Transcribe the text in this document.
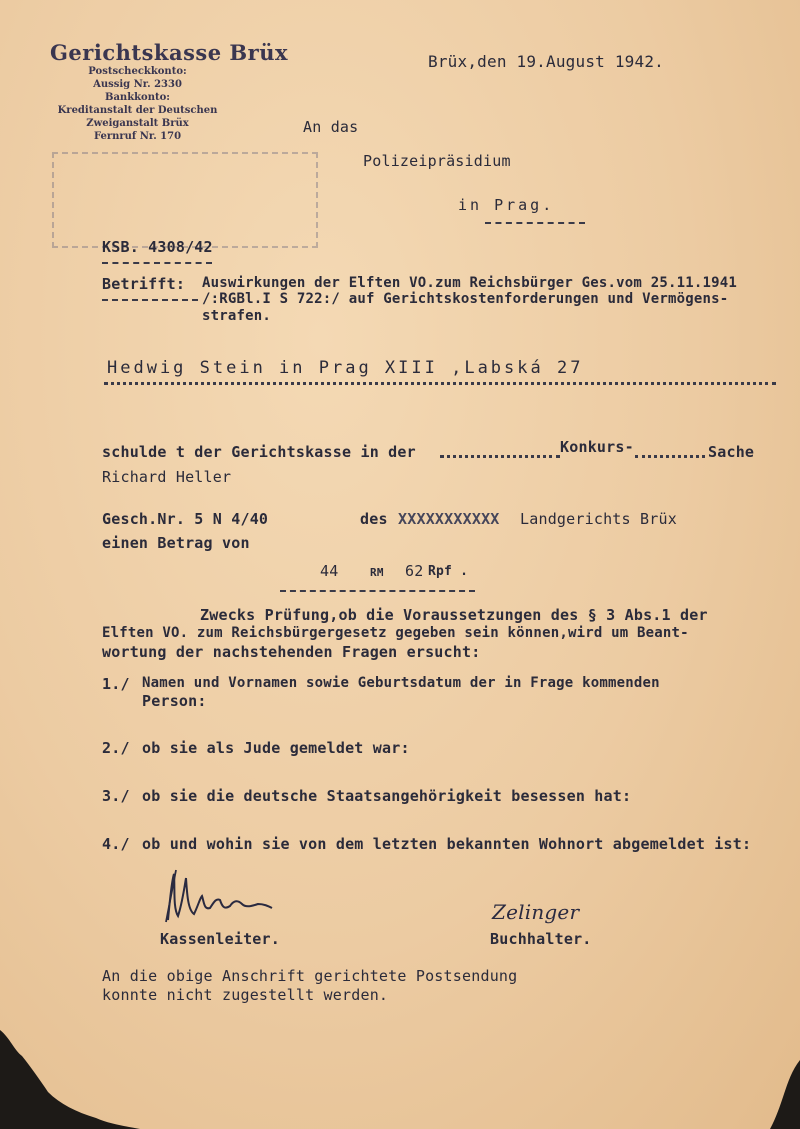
Gerichtskasse Brüx
Postscheckkonto:
Aussig Nr. 2330
Bankkonto:
Kreditanstalt der Deutschen
Zweiganstalt Brüx
Fernruf Nr. 170
Brüx,den 19.August 1942.
An das
Polizeipräsidium
in Prag.
KSB. 4308/42
Betrifft: Auswirkungen der Elften VO.zum Reichsbürger Ges.vom 25.11.1941
/:RGBl.I S 722:/ auf Gerichtskostenforderungen und Vermögens-
strafen.
Hedwig Stein in Prag XIII ,Labská 27
schulde t der Gerichtskasse in der	Konkurs-	Sache
Richard Heller
Gesch.Nr. 5 N 4/40	des XXXXXXXXXXX Landgerichts Brüx
einen Betrag von
44	RM 62 Rpf .
Zwecks Prüfung,ob die Voraussetzungen des § 3 Abs.1 der
Elften VO. zum Reichsbürgergesetz gegeben sein können,wird um Beant-
wortung der nachstehenden Fragen ersucht:
1./ Namen und Vornamen sowie Geburtsdatum der in Frage kommenden
Person:
2./ ob sie als Jude gemeldet war:
3./ ob sie die deutsche Staatsangehörigkeit besessen hat:
4./ ob und wohin sie von dem letzten bekannten Wohnort abgemeldet ist:
Kassenleiter.
Zelinger
Buchhalter.
An die obige Anschrift gerichtete Postsendung
konnte nicht zugestellt werden.
